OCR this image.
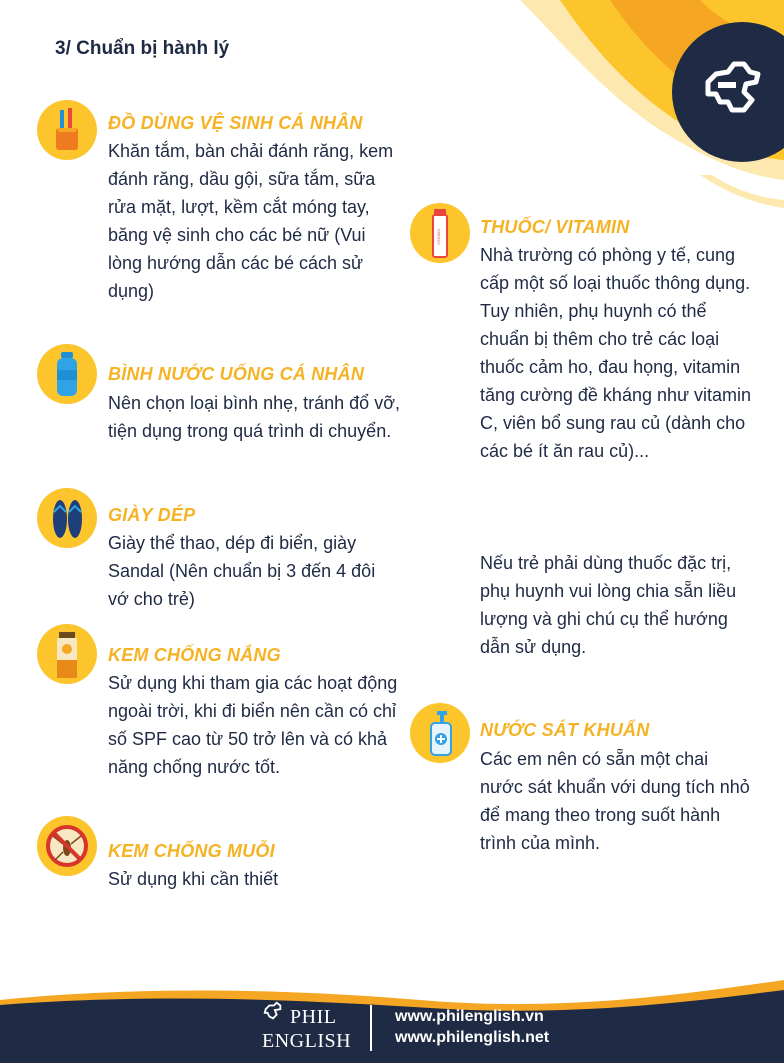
3/ Chuẩn bị hành lý
ĐỒ DÙNG VỆ SINH CÁ NHÂN
Khăn tắm, bàn chải đánh răng, kem đánh răng, dầu gội, sữa tắm, sữa rửa mặt, lượt, kềm cắt móng tay, băng vệ sinh cho các bé nữ (Vui lòng hướng dẫn các bé cách sử dụng)
BÌNH NƯỚC UỐNG CÁ NHÂN
Nên chọn loại bình nhẹ, tránh đổ vỡ, tiện dụng trong quá trình di chuyển.
GIÀY DÉP
Giày thể thao, dép đi biển, giày Sandal (Nên chuẩn bị 3 đến 4 đôi vớ cho trẻ)
KEM CHỐNG NẮNG
Sử dụng khi tham gia các hoạt động ngoài trời, khi đi biển nên cần có chỉ số SPF cao từ 50 trở lên và có khả năng chống nước tốt.
KEM CHỐNG MUỖI
Sử dụng khi cần thiết
VITAMIN THUỐC/ VITAMIN
Nhà trường có phòng y tế, cung cấp một số loại thuốc thông dụng. Tuy nhiên, phụ huynh có thể chuẩn bị thêm cho trẻ các loại thuốc cảm ho, đau họng, vitamin tăng cường đề kháng như vitamin C, viên bổ sung rau củ (dành cho các bé ít ăn rau củ)...
Nếu trẻ phải dùng thuốc đặc trị, phụ huynh vui lòng chia sẵn liều lượng và ghi chú cụ thể hướng dẫn sử dụng.
NƯỚC SÁT KHUẨN
Các em nên có sẵn một chai nước sát khuẩn với dung tích nhỏ để mang theo trong suốt hành trình của mình.
PHIL
ENGLISH
www.philenglish.vn
www.philenglish.net
